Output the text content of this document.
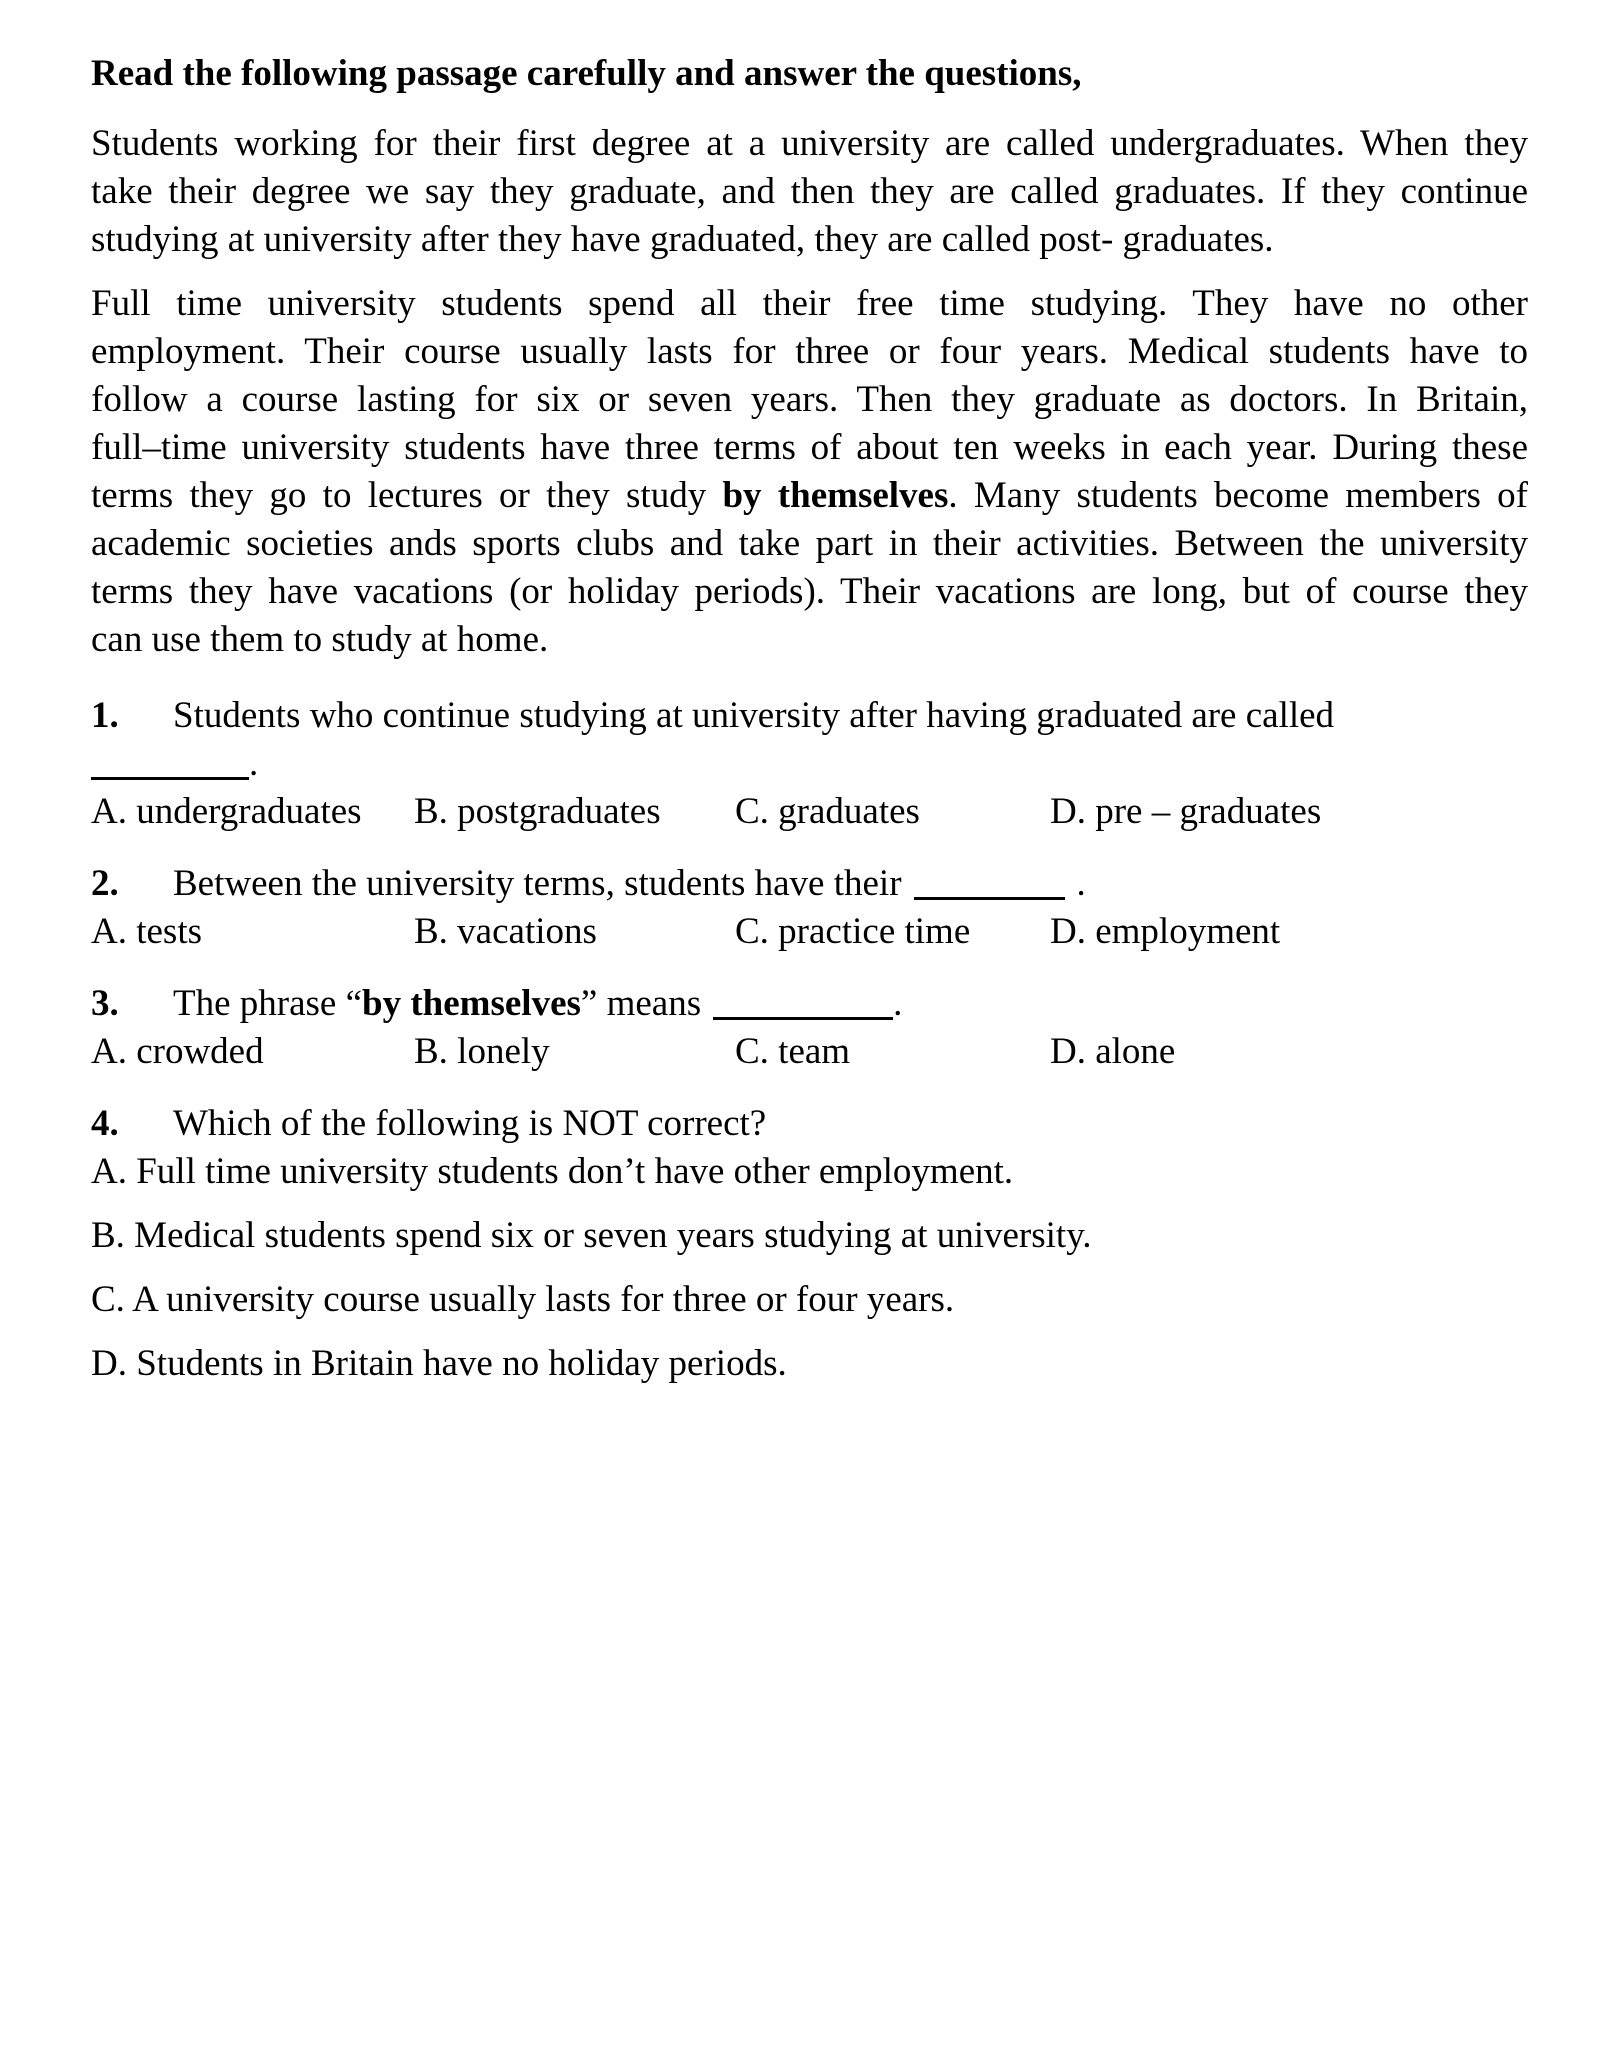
Read the following passage carefully and answer the questions,
Students working for their first degree at a university are called undergraduates. When they
take their degree we say they graduate, and then they are called graduates. If they continue
studying at university after they have graduated, they are called post- graduates.
Full time university students spend all their free time studying. They have no other
employment. Their course usually lasts for three or four years. Medical students have to
follow a course lasting for six or seven years. Then they graduate as doctors. In Britain,
full–time university students have three terms of about ten weeks in each year. During these
terms they go to lectures or they study by themselves. Many students become members of
academic societies ands sports clubs and take part in their activities. Between the university
terms they have vacations (or holiday periods). Their vacations are long, but of course they
can use them to study at home.
1. Students who continue studying at university after having graduated are called
.
A. undergraduates	B. postgraduates	C. graduates	D. pre – graduates
2. Between the university terms, students have their	.
A. tests	B. vacations	C. practice time	D. employment
3. The phrase “by themselves” means	.
A. crowded	B. lonely	C. team	D. alone
4. Which of the following is NOT correct?
A. Full time university students don’t have other employment.
B. Medical students spend six or seven years studying at university.
C. A university course usually lasts for three or four years.
D. Students in Britain have no holiday periods.
